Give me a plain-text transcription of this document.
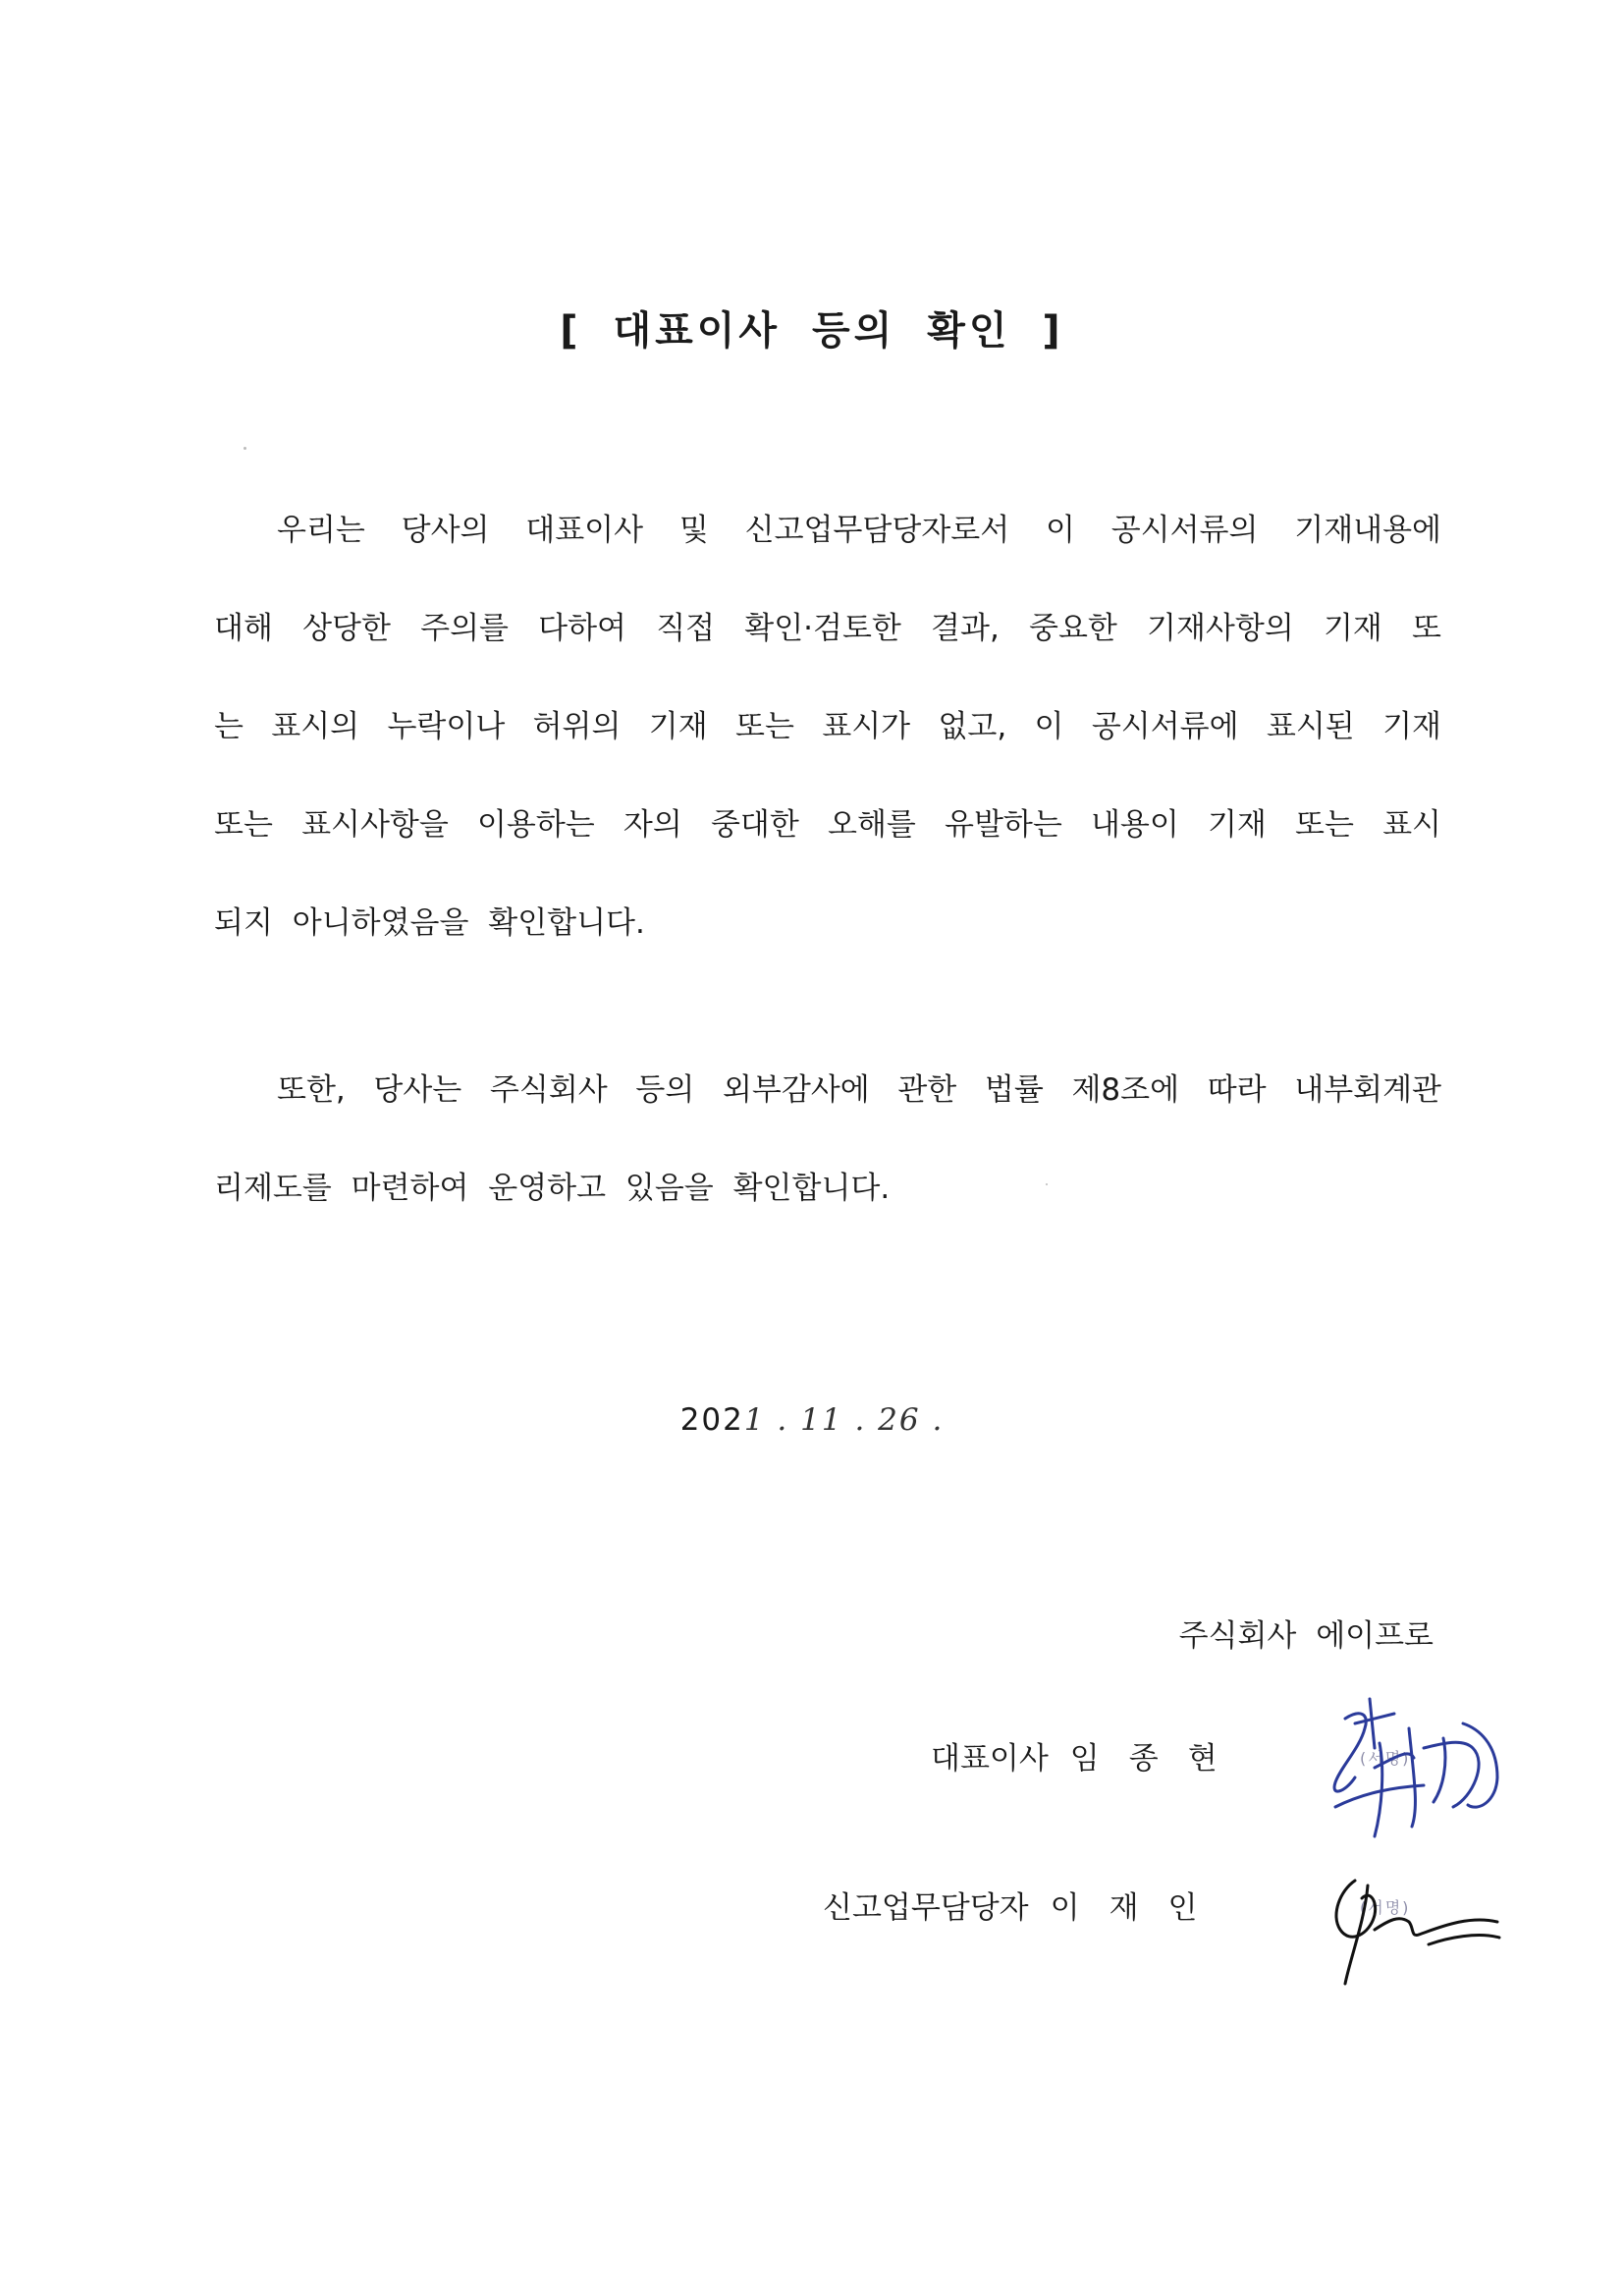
[ 대표이사 등의 확인 ]
우리는 당사의 대표이사 및 신고업무담당자로서 이 공시서류의 기재내용에
대해 상당한 주의를 다하여 직접 확인·검토한 결과, 중요한 기재사항의 기재 또
는 표시의 누락이나 허위의 기재 또는 표시가 없고, 이 공시서류에 표시된 기재
또는 표시사항을 이용하는 자의 중대한 오해를 유발하는 내용이 기재 또는 표시
되지 아니하였음을 확인합니다.
또한, 당사는 주식회사 등의 외부감사에 관한 법률 제8조에 따라 내부회계관
리제도를 마련하여 운영하고 있음을 확인합니다.
2021 . 11 . 26 .
주식회사 에이프로
대표이사 임종현	(서명)
신고업무담당자 이재인	(서명)
